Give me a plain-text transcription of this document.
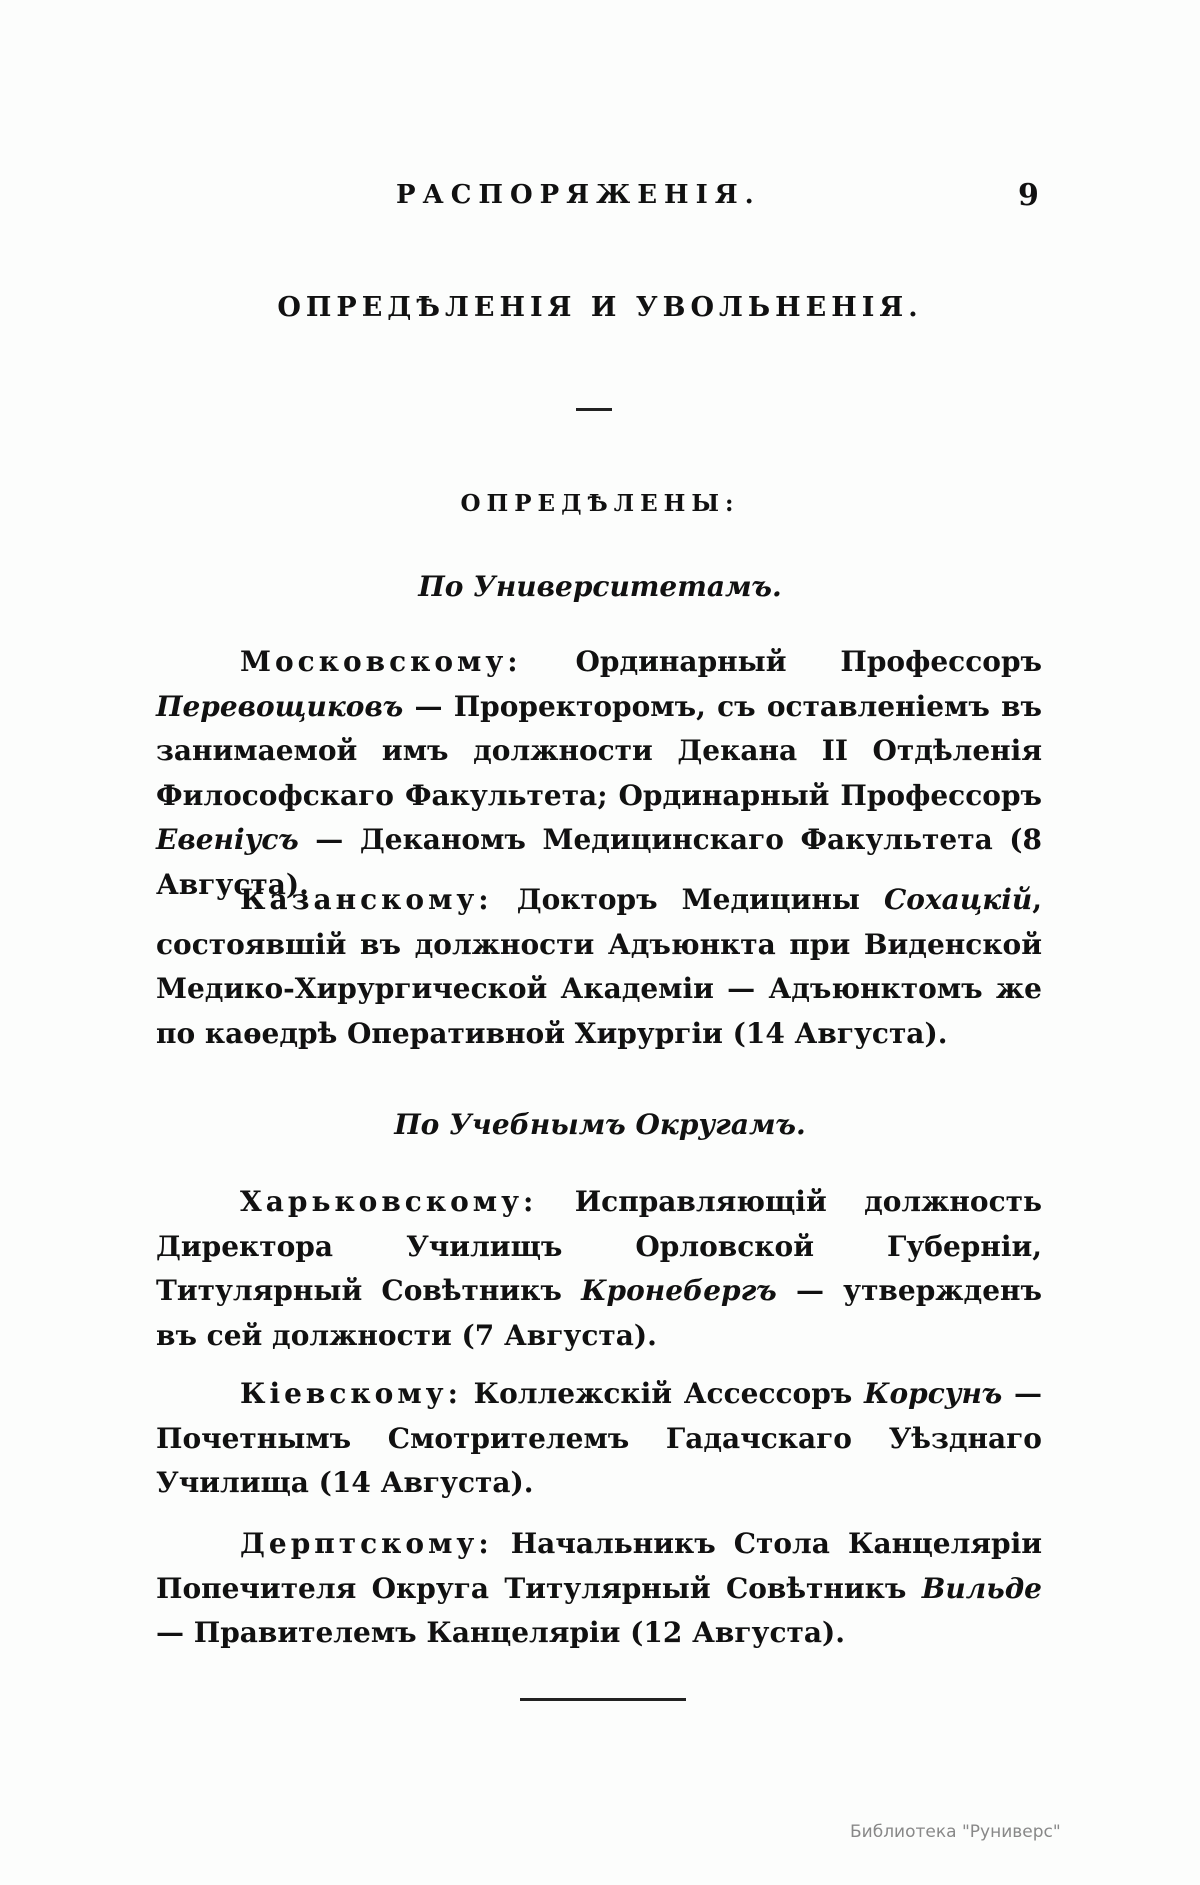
РАСПОРЯЖЕНІЯ.	9
ОПРЕДѢЛЕНІЯ И УВОЛЬНЕНІЯ.
ОПРЕДѢЛЕНЫ:
По Университетамъ.
Московскому: Ординарный Профессоръ Перевощиковъ — Проректоромъ, съ оставленіемъ въ занимаемой имъ должности Декана II Отдѣленія Философскаго Факультета; Ординарный Профессоръ Евеніусъ — Деканомъ Медицинскаго Факультета (8 Августа).
Казанскому: Докторъ Медицины Сохацкій, состоявшій въ должности Адъюнкта при Виденской Медико-Хирургической Академіи — Адъюнктомъ же по каѳедрѣ Оперативной Хирургіи (14 Августа).
По Учебнымъ Округамъ.
Харьковскому: Исправляющій должность Директора Училищъ Орловской Губерніи, Титулярный Совѣтникъ Кронебергъ — утвержденъ въ сей должности (7 Августа).
Кіевскому: Коллежскій Ассессоръ Корсунъ — Почетнымъ Смотрителемъ Гадачскаго Уѣзднаго Училища (14 Августа).
Дерптскому: Начальникъ Стола Канцеляріи Попечителя Округа Титулярный Совѣтникъ Вильде — Правителемъ Канцеляріи (12 Августа).
Библиотека "Руниверс"
